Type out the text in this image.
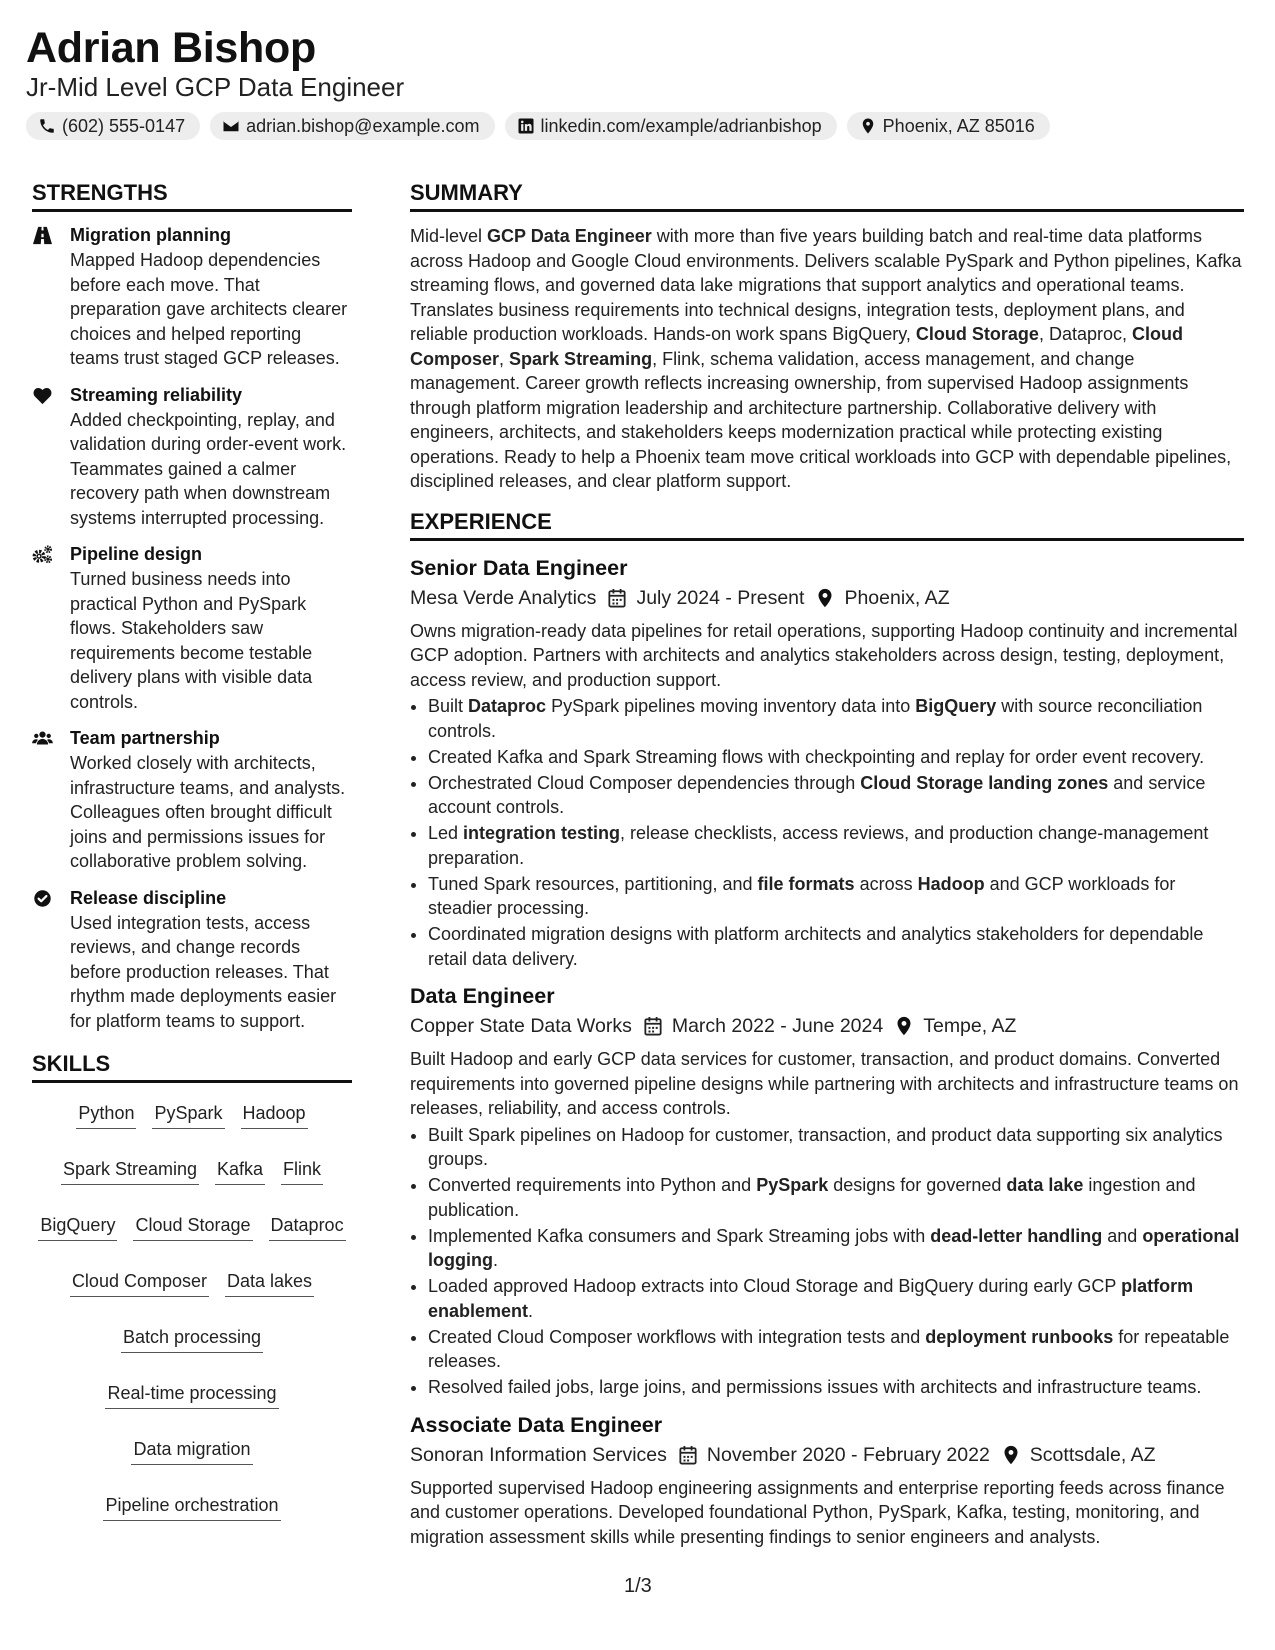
Adrian Bishop
Jr-Mid Level GCP Data Engineer
(602) 555-0147	adrian.bishop@example.com	linkedin.com/example/adrianbishop	Phoenix, AZ 85016
STRENGTHS
Migration planning
Mapped Hadoop dependencies before each move. That preparation gave architects clearer choices and helped reporting teams trust staged GCP releases.
Streaming reliability
Added checkpointing, replay, and validation during order-event work. Teammates gained a calmer recovery path when downstream systems interrupted processing.
Pipeline design
Turned business needs into practical Python and PySpark flows. Stakeholders saw requirements become testable delivery plans with visible data controls.
Team partnership
Worked closely with architects, infrastructure teams, and analysts. Colleagues often brought difficult joins and permissions issues for collaborative problem solving.
Release discipline
Used integration tests, access reviews, and change records before production releases. That rhythm made deployments easier for platform teams to support.
SKILLS
Python PySpark Hadoop
Spark Streaming Kafka Flink
BigQuery Cloud Storage Dataproc
Cloud Composer Data lakes
Batch processing
Real-time processing
Data migration
Pipeline orchestration
SUMMARY
Mid-level GCP Data Engineer with more than five years building batch and real-time data platforms across Hadoop and Google Cloud environments. Delivers scalable PySpark and Python pipelines, Kafka streaming flows, and governed data lake migrations that support analytics and operational teams. Translates business requirements into technical designs, integration tests, deployment plans, and reliable production workloads. Hands-on work spans BigQuery, Cloud Storage, Dataproc, Cloud Composer, Spark Streaming, Flink, schema validation, access management, and change management. Career growth reflects increasing ownership, from supervised Hadoop assignments through platform migration leadership and architecture partnership. Collaborative delivery with engineers, architects, and stakeholders keeps modernization practical while protecting existing operations. Ready to help a Phoenix team move critical workloads into GCP with dependable pipelines, disciplined releases, and clear platform support.
EXPERIENCE
Senior Data Engineer
Mesa Verde Analytics July 2024 - Present Phoenix, AZ
Owns migration-ready data pipelines for retail operations, supporting Hadoop continuity and incremental GCP adoption. Partners with architects and analytics stakeholders across design, testing, deployment, access review, and production support.
• Built Dataproc PySpark pipelines moving inventory data into BigQuery with source reconciliation controls.
• Created Kafka and Spark Streaming flows with checkpointing and replay for order event recovery.
• Orchestrated Cloud Composer dependencies through Cloud Storage landing zones and service account controls.
• Led integration testing, release checklists, access reviews, and production change-management preparation.
• Tuned Spark resources, partitioning, and file formats across Hadoop and GCP workloads for steadier processing.
• Coordinated migration designs with platform architects and analytics stakeholders for dependable retail data delivery.
Data Engineer
Copper State Data Works March 2022 - June 2024 Tempe, AZ
Built Hadoop and early GCP data services for customer, transaction, and product domains. Converted requirements into governed pipeline designs while partnering with architects and infrastructure teams on releases, reliability, and access controls.
• Built Spark pipelines on Hadoop for customer, transaction, and product data supporting six analytics groups.
• Converted requirements into Python and PySpark designs for governed data lake ingestion and publication.
• Implemented Kafka consumers and Spark Streaming jobs with dead-letter handling and operational logging.
• Loaded approved Hadoop extracts into Cloud Storage and BigQuery during early GCP platform enablement.
• Created Cloud Composer workflows with integration tests and deployment runbooks for repeatable releases.
• Resolved failed jobs, large joins, and permissions issues with architects and infrastructure teams.
Associate Data Engineer
Sonoran Information Services November 2020 - February 2022 Scottsdale, AZ
Supported supervised Hadoop engineering assignments and enterprise reporting feeds across finance and customer operations. Developed foundational Python, PySpark, Kafka, testing, monitoring, and migration assessment skills while presenting findings to senior engineers and analysts.
1/3
